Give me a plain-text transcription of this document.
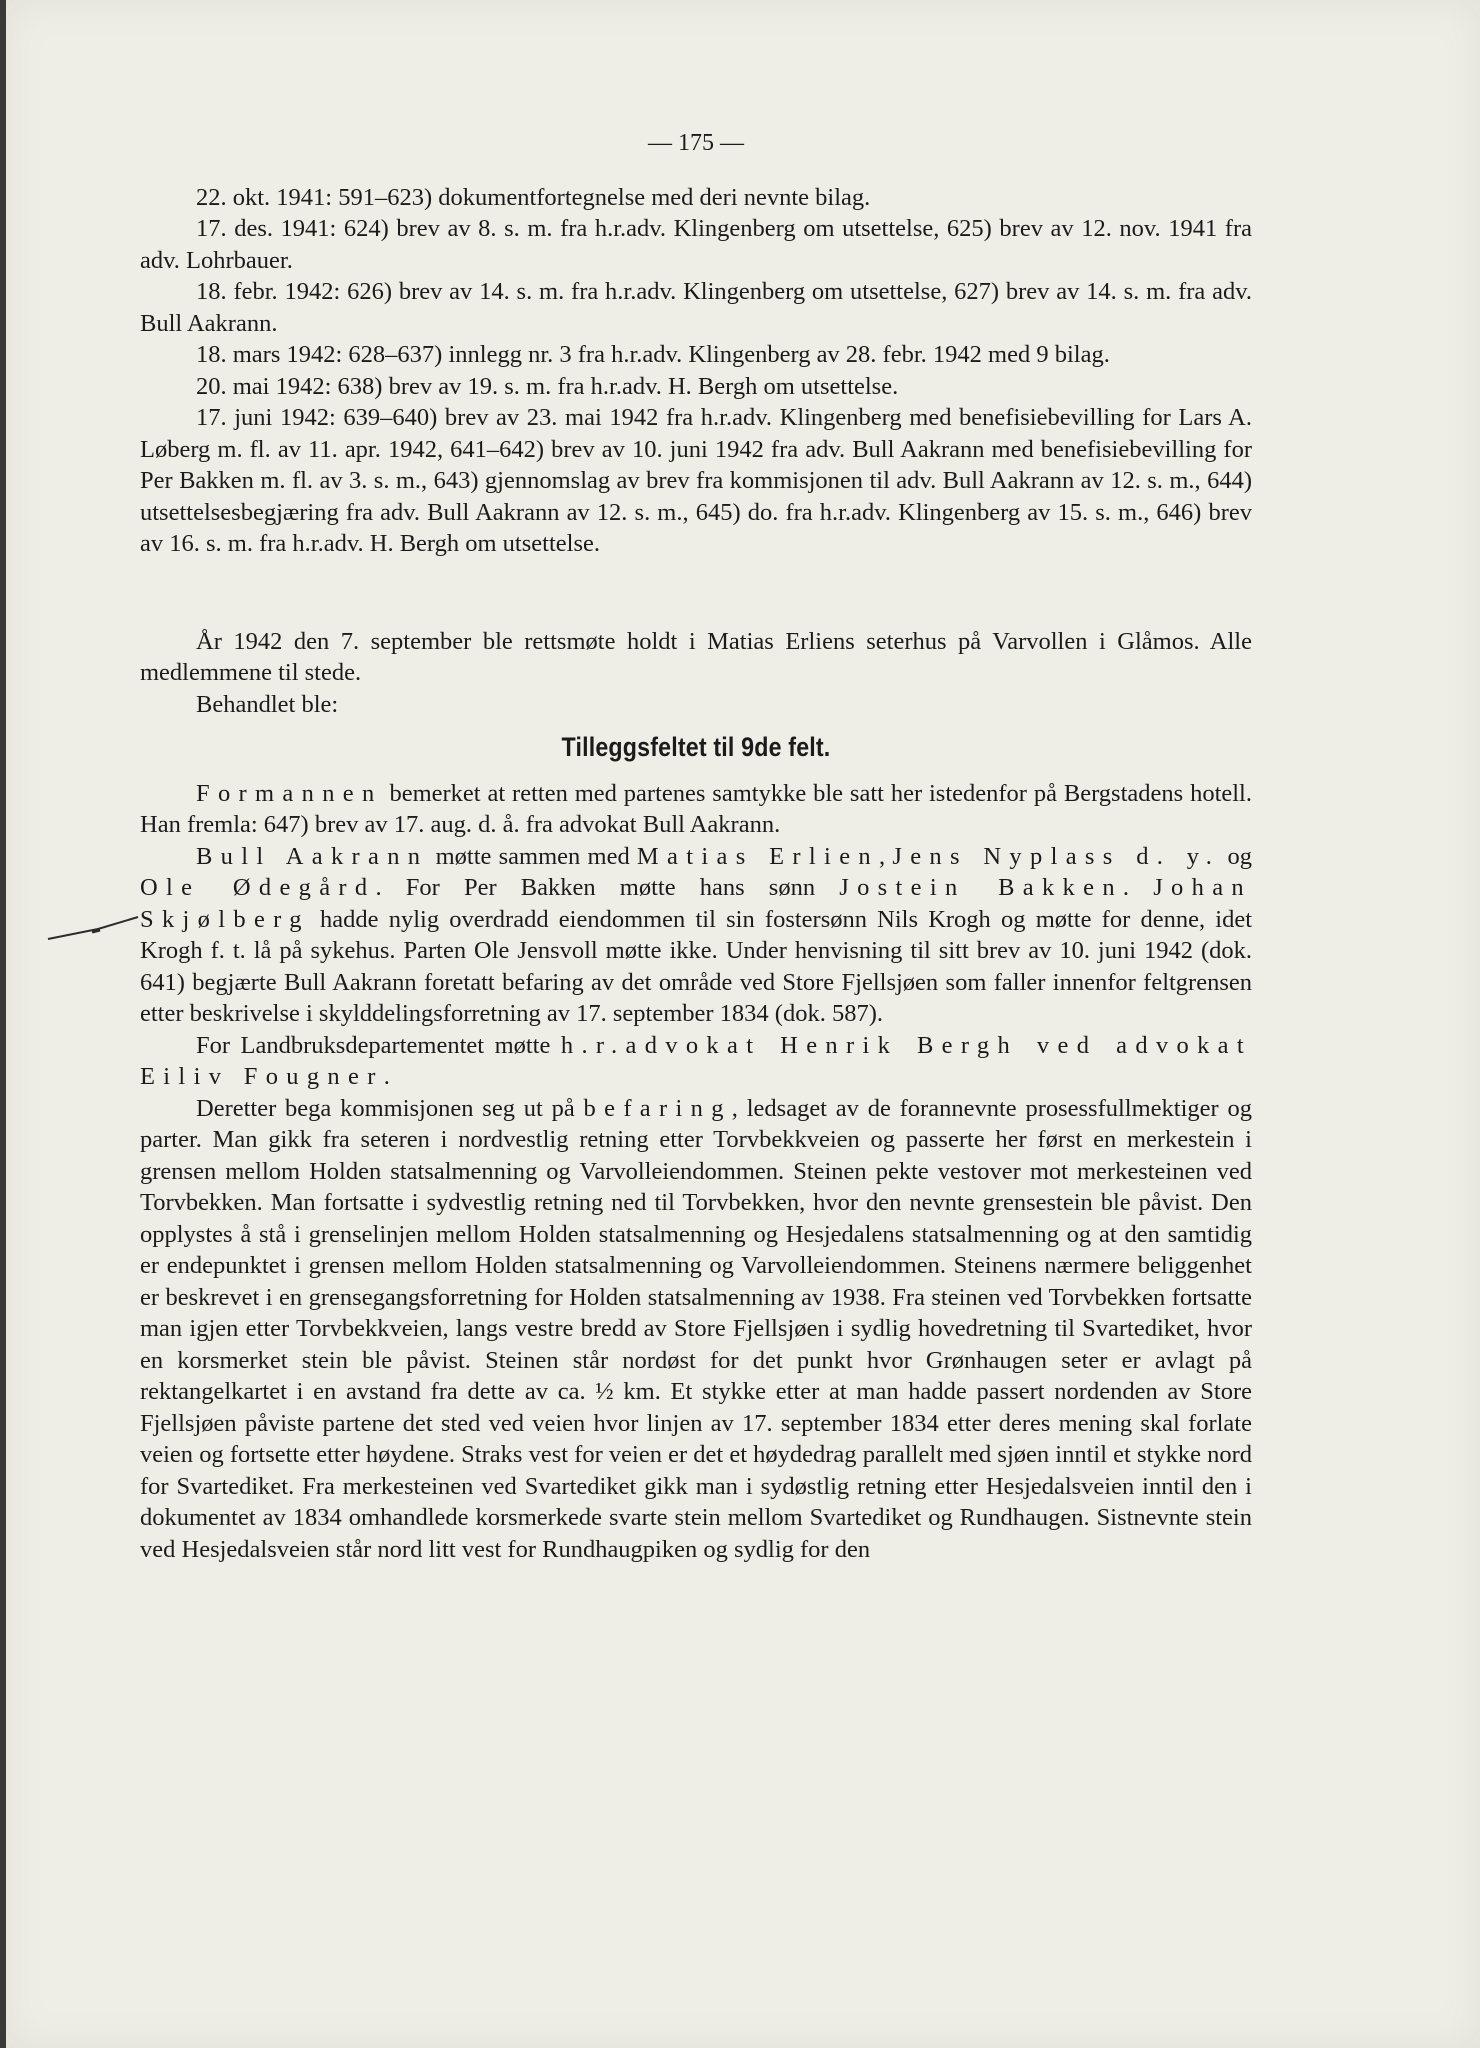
— 175 —

22. okt. 1941: 591–623) dokumentfortegnelse med deri nevnte bilag.

17. des. 1941: 624) brev av 8. s. m. fra h.r.adv. Klingenberg om utsettelse, 625) brev av 12. nov. 1941 fra adv. Lohrbauer.

18. febr. 1942: 626) brev av 14. s. m. fra h.r.adv. Klingenberg om utsettelse, 627) brev av 14. s. m. fra adv. Bull Aakrann.

18. mars 1942: 628–637) innlegg nr. 3 fra h.r.adv. Klingenberg av 28. febr. 1942 med 9 bilag.

20. mai 1942: 638) brev av 19. s. m. fra h.r.adv. H. Bergh om utsettelse.

17. juni 1942: 639–640) brev av 23. mai 1942 fra h.r.adv. Klingenberg med benefisiebevilling for Lars A. Løberg m. fl. av 11. apr. 1942, 641–642) brev av 10. juni 1942 fra adv. Bull Aakrann med benefisiebevilling for Per Bakken m. fl. av 3. s. m., 643) gjennomslag av brev fra kommisjonen til adv. Bull Aakrann av 12. s. m., 644) utsettelsesbegjæring fra adv. Bull Aakrann av 12. s. m., 645) do. fra h.r.adv. Klingenberg av 15. s. m., 646) brev av 16. s. m. fra h.r.adv. H. Bergh om utsettelse.

År 1942 den 7. september ble rettsmøte holdt i Matias Erliens seterhus på Varvollen i Glåmos. Alle medlemmene til stede.

Behandlet ble:

Tilleggsfeltet til 9de felt.

Formannen bemerket at retten med partenes samtykke ble satt her istedenfor på Bergstadens hotell. Han fremla: 647) brev av 17. aug. d. å. fra advokat Bull Aakrann.

Bull Aakrann møtte sammen med Matias Erlien, Jens Nyplass d. y. og Ole Ødegård. For Per Bakken møtte hans sønn Jostein Bakken. Johan Skjølberg hadde nylig overdradd eiendommen til sin fostersønn Nils Krogh og møtte for denne, idet Krogh f. t. lå på sykehus. Parten Ole Jensvoll møtte ikke. Under henvisning til sitt brev av 10. juni 1942 (dok. 641) begjærte Bull Aakrann foretatt befaring av det område ved Store Fjellsjøen som faller innenfor feltgrensen etter beskrivelse i skylddelingsforretning av 17. september 1834 (dok. 587).

For Landbruksdepartementet møtte h.r.advokat Henrik Bergh ved advokat Eiliv Fougner.

Deretter bega kommisjonen seg ut på befaring, ledsaget av de forannevnte prosessfullmektiger og parter. Man gikk fra seteren i nordvestlig retning etter Torvbekkveien og passerte her først en merkestein i grensen mellom Holden statsalmenning og Varvolleiendommen. Steinen pekte vestover mot merkesteinen ved Torvbekken. Man fortsatte i sydvestlig retning ned til Torvbekken, hvor den nevnte grensestein ble påvist. Den opplystes å stå i grenselinjen mellom Holden statsalmenning og Hesjedalens statsalmenning og at den samtidig er endepunktet i grensen mellom Holden statsalmenning og Varvolleiendommen. Steinens nærmere beliggenhet er beskrevet i en grensegangsforretning for Holden statsalmenning av 1938. Fra steinen ved Torvbekken fortsatte man igjen etter Torvbekkveien, langs vestre bredd av Store Fjellsjøen i sydlig hovedretning til Svartediket, hvor en korsmerket stein ble påvist. Steinen står nordøst for det punkt hvor Grønhaugen seter er avlagt på rektangelkartet i en avstand fra dette av ca. ½ km. Et stykke etter at man hadde passert nordenden av Store Fjellsjøen påviste partene det sted ved veien hvor linjen av 17. september 1834 etter deres mening skal forlate veien og fortsette etter høydene. Straks vest for veien er det et høydedrag parallelt med sjøen inntil et stykke nord for Svartediket. Fra merkesteinen ved Svartediket gikk man i sydøstlig retning etter Hesjedalsveien inntil den i dokumentet av 1834 omhandlede korsmerkede svarte stein mellom Svartediket og Rundhaugen. Sistnevnte stein ved Hesjedalsveien står nord litt vest for Rundhaugpiken og sydlig for den
